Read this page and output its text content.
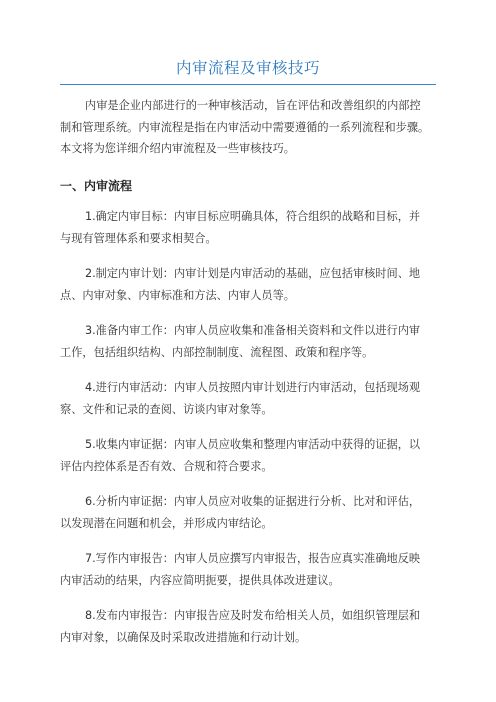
内审流程及审核技巧

内审是企业内部进行的一种审核活动，旨在评估和改善组织的内部控
制和管理系统。内审流程是指在内审活动中需要遵循的一系列流程和步骤。
本文将为您详细介绍内审流程及一些审核技巧。

一、内审流程

1.确定内审目标：内审目标应明确具体，符合组织的战略和目标，并
与现有管理体系和要求相契合。

2.制定内审计划：内审计划是内审活动的基础，应包括审核时间、地
点、内审对象、内审标准和方法、内审人员等。

3.准备内审工作：内审人员应收集和准备相关资料和文件以进行内审
工作，包括组织结构、内部控制制度、流程图、政策和程序等。

4.进行内审活动：内审人员按照内审计划进行内审活动，包括现场观
察、文件和记录的查阅、访谈内审对象等。

5.收集内审证据：内审人员应收集和整理内审活动中获得的证据，以
评估内控体系是否有效、合规和符合要求。

6.分析内审证据：内审人员应对收集的证据进行分析、比对和评估，
以发现潜在问题和机会，并形成内审结论。

7.写作内审报告：内审人员应撰写内审报告，报告应真实准确地反映
内审活动的结果，内容应简明扼要，提供具体改进建议。

8.发布内审报告：内审报告应及时发布给相关人员，如组织管理层和
内审对象，以确保及时采取改进措施和行动计划。
